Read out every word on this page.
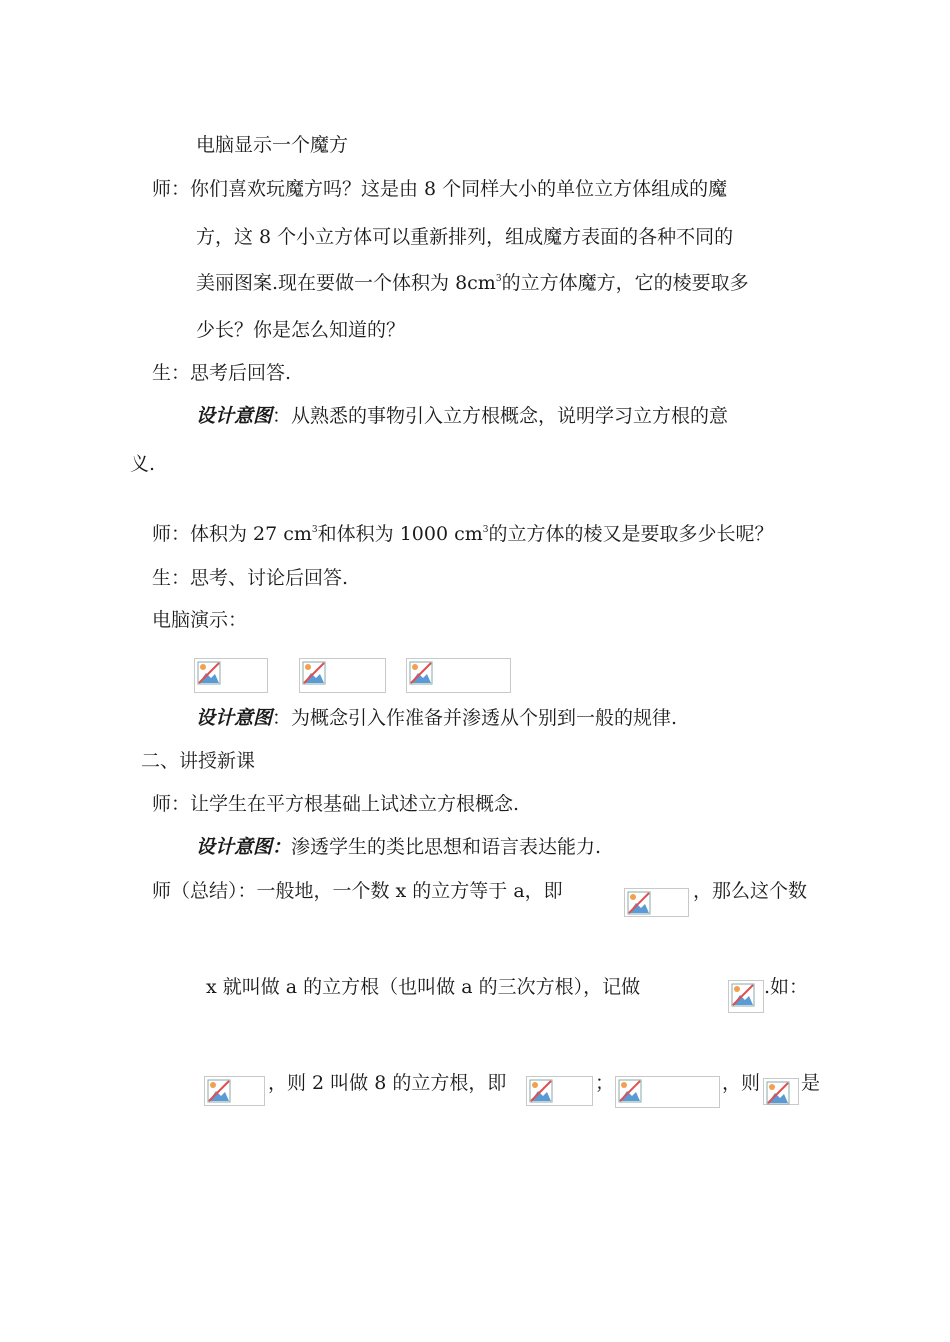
电脑显示一个魔方
师：你们喜欢玩魔方吗？这是由 8 个同样大小的单位立方体组成的魔
方，这 8 个小立方体可以重新排列，组成魔方表面的各种不同的
美丽图案.现在要做一个体积为 $8cm^3$的立方体魔方，它的棱要取多
少长？你是怎么知道的？
生：思考后回答.
设计意图：从熟悉的事物引入立方根概念，说明学习立方根的意
义.
师：体积为 27 $cm^3$和体积为 1000 $cm^3$的立方体的棱又是要取多少长呢？
生：思考、讨论后回答.
电脑演示：
设计意图：为概念引入作准备并渗透从个别到一般的规律.
二、讲授新课
师：让学生在平方根基础上试述立方根概念.
设计意图：渗透学生的类比思想和语言表达能力.
师（总结）：一般地，一个数 x 的立方等于 a，即	，那么这个数
x 就叫做 a 的立方根（也叫做 a 的三次方根），记做	.如：
，则 2 叫做 8 的立方根，即	；	，则 是
